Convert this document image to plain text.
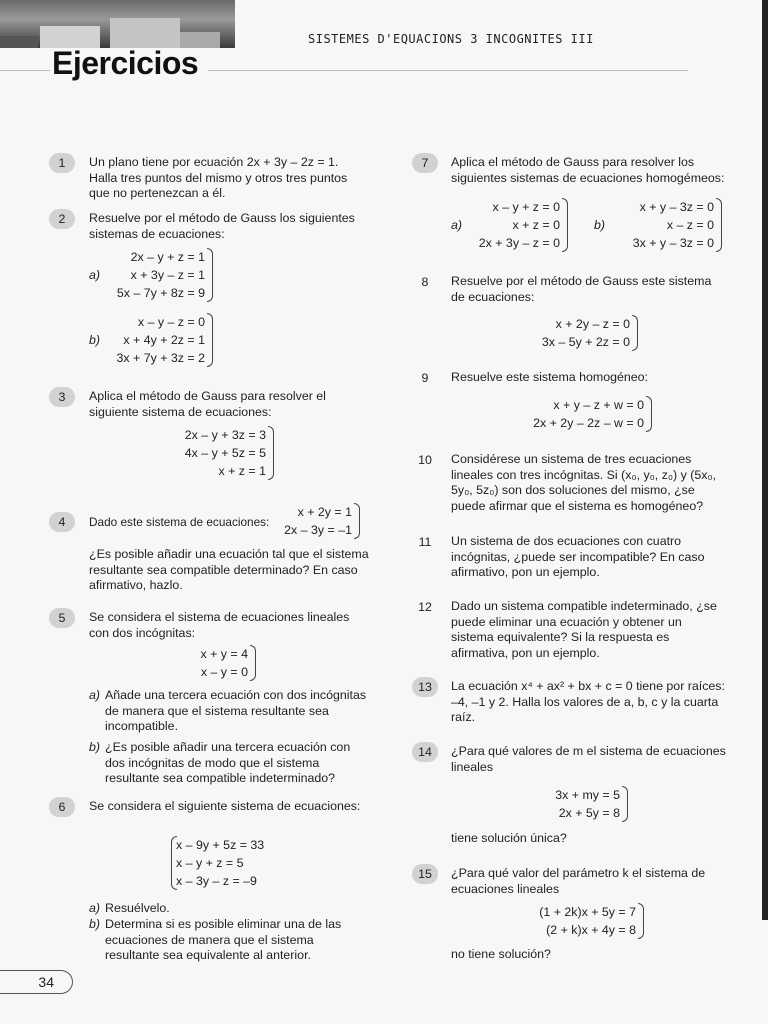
SISTEMES D'EQUACIONS 3 INCOGNITES III
Ejercicios
1	Un plano tiene por ecuación 2x + 3y – 2z = 1. Halla tres puntos del mismo y otros tres puntos que no pertenezcan a él.
2	Resuelve por el método de Gauss los siguientes sistemas de ecuaciones:
a)
2x – y + z = 1
x + 3y – z = 1
5x – 7y + 8z = 9
b)
x – y – z = 0
x + 4y + 2z = 1
3x + 7y + 3z = 2
3	Aplica el método de Gauss para resolver el siguiente sistema de ecuaciones:
2x – y + 3z = 3
4x – y + 5z = 5
x + z = 1
4	Dado este sistema de ecuaciones:
x + 2y = 1
2x – 3y = –1
¿Es posible añadir una ecuación tal que el sistema resultante sea compatible determinado? En caso afirmativo, hazlo.
5	Se considera el sistema de ecuaciones lineales con dos incógnitas:
x + y = 4
x – y = 0
a) Añade una tercera ecuación con dos incógnitas de manera que el sistema resultante sea incompatible.
b) ¿Es posible añadir una tercera ecuación con dos incógnitas de modo que el sistema resultante sea compatible indeterminado?
6	Se considera el siguiente sistema de ecuaciones:
x – 9y + 5z = 33
x – y + z = 5
x – 3y – z = –9
a) Resuélvelo.
b) Determina si es posible eliminar una de las ecuaciones de manera que el sistema resultante sea equivalente al anterior.
7	Aplica el método de Gauss para resolver los siguientes sistemas de ecuaciones homogémeos:
a)
x – y + z = 0
x + z = 0
2x + 3y – z = 0
b)
x + y – 3z = 0
x – z = 0
3x + y – 3z = 0
8	Resuelve por el método de Gauss este sistema de ecuaciones:
x + 2y – z = 0
3x – 5y + 2z = 0
9	Resuelve este sistema homogéneo:
x + y – z + w = 0
2x + 2y – 2z – w = 0
10	Considérese un sistema de tres ecuaciones lineales con tres incógnitas. Si (x₀, y₀, z₀) y (5x₀, 5y₀, 5z₀) son dos soluciones del mismo, ¿se puede afirmar que el sistema es homogéneo?
11	Un sistema de dos ecuaciones con cuatro incógnitas, ¿puede ser incompatible? En caso afirmativo, pon un ejemplo.
12	Dado un sistema compatible indeterminado, ¿se puede eliminar una ecuación y obtener un sistema equivalente? Si la respuesta es afirmativa, pon un ejemplo.
13	La ecuación x⁴ + ax² + bx + c = 0 tiene por raíces: –4, –1 y 2. Halla los valores de a, b, c y la cuarta raíz.
14	¿Para qué valores de m el sistema de ecuaciones lineales
3x + my = 5
2x + 5y = 8
tiene solución única?
15	¿Para qué valor del parámetro k el sistema de ecuaciones lineales
(1 + 2k)x + 5y = 7
(2 + k)x + 4y = 8
no tiene solución?
34
